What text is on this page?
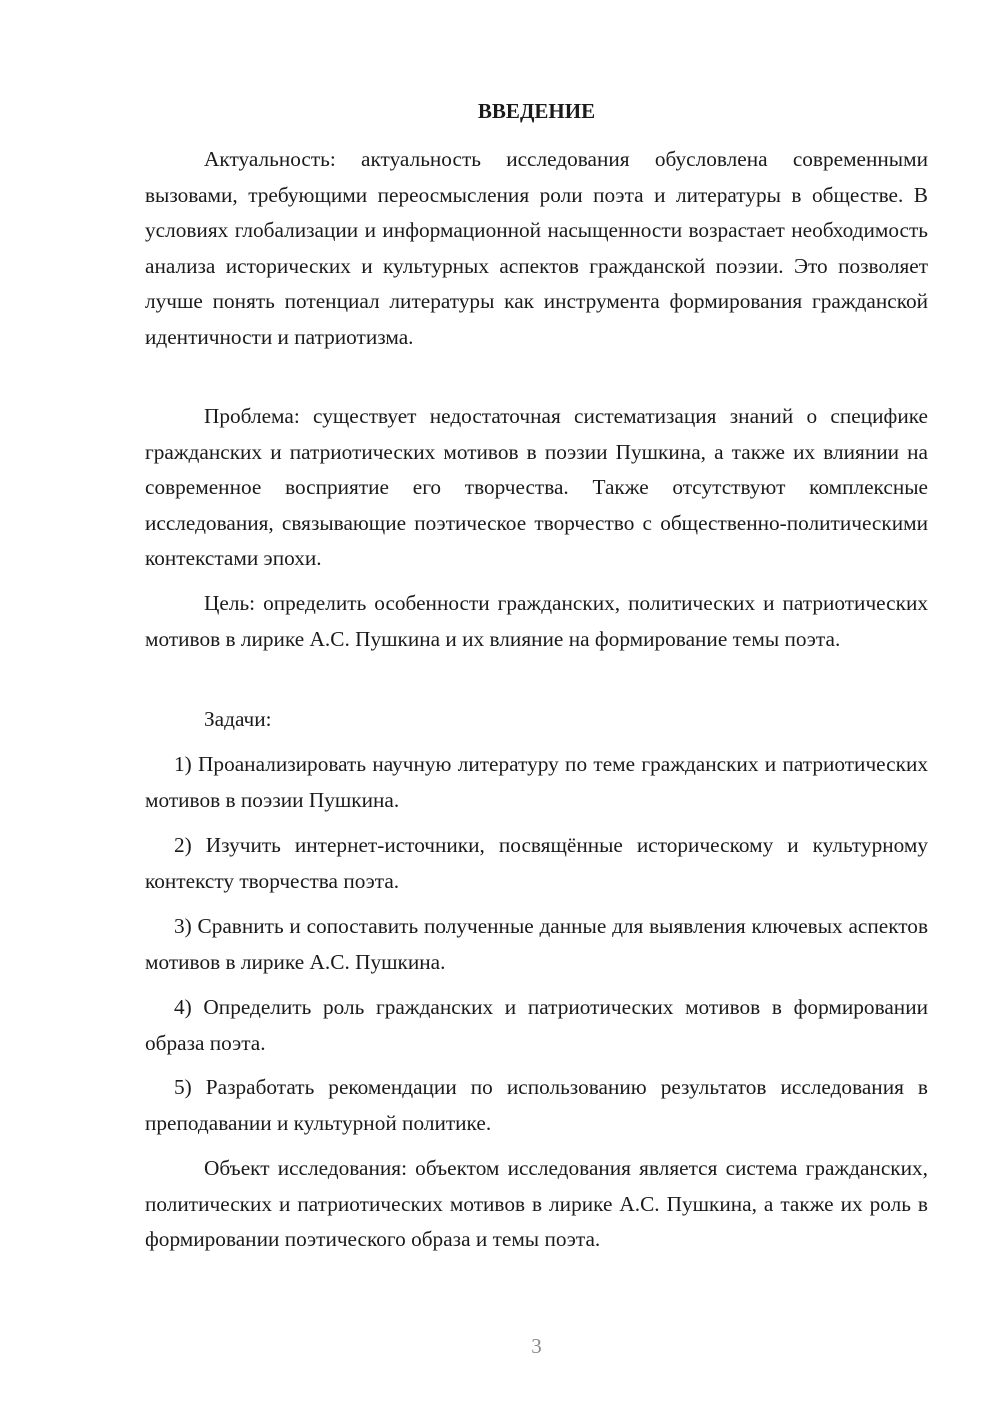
ВВЕДЕНИЕ

Актуальность: актуальность исследования обусловлена современными вызовами, требующими переосмысления роли поэта и литературы в обществе. В условиях глобализации и информационной насыщенности возрастает необходимость анализа исторических и культурных аспектов гражданской поэзии. Это позволяет лучше понять потенциал литературы как инструмента формирования гражданской идентичности и патриотизма.

Проблема: существует недостаточная систематизация знаний о специфике гражданских и патриотических мотивов в поэзии Пушкина, а также их влиянии на современное восприятие его творчества. Также отсутствуют комплексные исследования, связывающие поэтическое творчество с общественно-политическими контекстами эпохи.

Цель: определить особенности гражданских, политических и патриотических мотивов в лирике А.С. Пушкина и их влияние на формирование темы поэта.

Задачи:

1) Проанализировать научную литературу по теме гражданских и патриотических мотивов в поэзии Пушкина.

2) Изучить интернет-источники, посвящённые историческому и культурному контексту творчества поэта.

3) Сравнить и сопоставить полученные данные для выявления ключевых аспектов мотивов в лирике А.С. Пушкина.

4) Определить роль гражданских и патриотических мотивов в формировании образа поэта.

5) Разработать рекомендации по использованию результатов исследования в преподавании и культурной политике.

Объект исследования: объектом исследования является система гражданских, политических и патриотических мотивов в лирике А.С. Пушкина, а также их роль в формировании поэтического образа и темы поэта.

3
